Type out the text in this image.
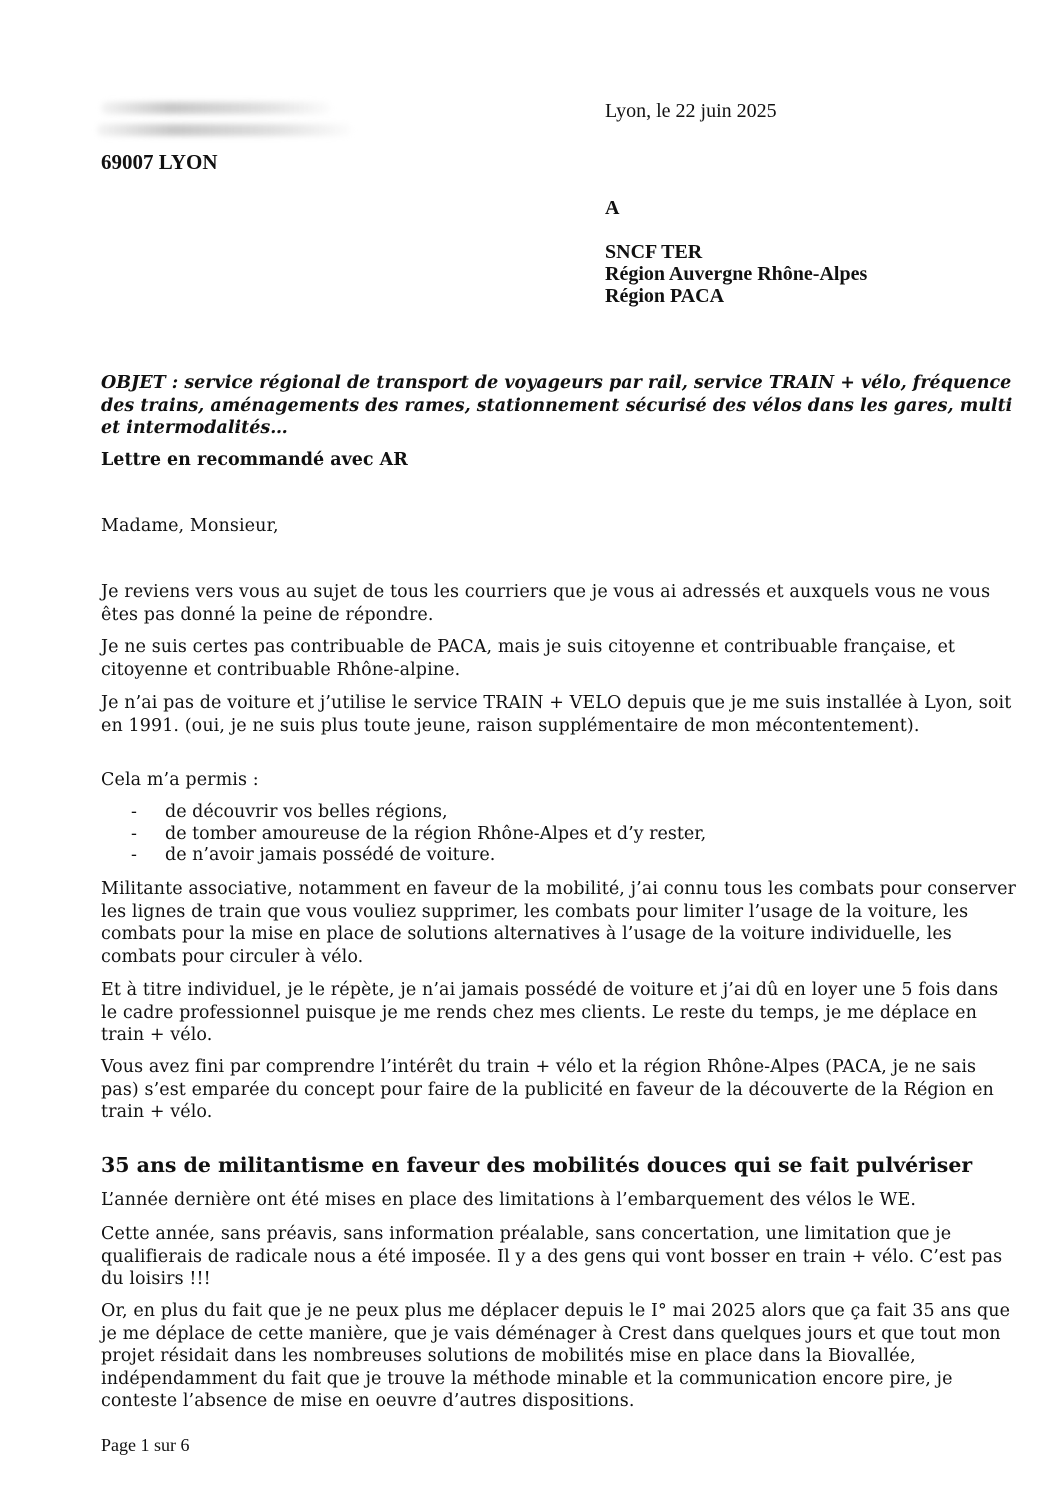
69007 LYON
Lyon, le 22 juin 2025
A
SNCF TER
Région Auvergne Rhône-Alpes
Région PACA
OBJET : service régional de transport de voyageurs par rail, service TRAIN + vélo, fréquence des trains, aménagements des rames, stationnement sécurisé des vélos dans les gares, multi et intermodalités…
Lettre en recommandé avec AR
Madame, Monsieur,
Je reviens vers vous au sujet de tous les courriers que je vous ai adressés et auxquels vous ne vous êtes pas donné la peine de répondre.
Je ne suis certes pas contribuable de PACA, mais je suis citoyenne et contribuable française, et citoyenne et contribuable Rhône-alpine.
Je n’ai pas de voiture et j’utilise le service TRAIN + VELO depuis que je me suis installée à Lyon, soit en 1991. (oui, je ne suis plus toute jeune, raison supplémentaire de mon mécontentement).
Cela m’a permis :
- de découvrir vos belles régions,
- de tomber amoureuse de la région Rhône-Alpes et d’y rester,
- de n’avoir jamais possédé de voiture.
Militante associative, notamment en faveur de la mobilité, j’ai connu tous les combats pour conserver les lignes de train que vous vouliez supprimer, les combats pour limiter l’usage de la voiture, les combats pour la mise en place de solutions alternatives à l’usage de la voiture individuelle, les combats pour circuler à vélo.
Et à titre individuel, je le répète, je n’ai jamais possédé de voiture et j’ai dû en loyer une 5 fois dans le cadre professionnel puisque je me rends chez mes clients. Le reste du temps, je me déplace en train + vélo.
Vous avez fini par comprendre l’intérêt du train + vélo et la région Rhône-Alpes (PACA, je ne sais pas) s’est emparée du concept pour faire de la publicité en faveur de la découverte de la Région en train + vélo.
35 ans de militantisme en faveur des mobilités douces qui se fait pulvériser
L’année dernière ont été mises en place des limitations à l’embarquement des vélos le WE.
Cette année, sans préavis, sans information préalable, sans concertation, une limitation que je qualifierais de radicale nous a été imposée. Il y a des gens qui vont bosser en train + vélo. C’est pas du loisirs !!!
Or, en plus du fait que je ne peux plus me déplacer depuis le I° mai 2025 alors que ça fait 35 ans que je me déplace de cette manière, que je vais déménager à Crest dans quelques jours et que tout mon projet résidait dans les nombreuses solutions de mobilités mise en place dans la Biovallée, indépendamment du fait que je trouve la méthode minable et la communication encore pire, je conteste l’absence de mise en oeuvre d’autres dispositions.
Page 1 sur 6
